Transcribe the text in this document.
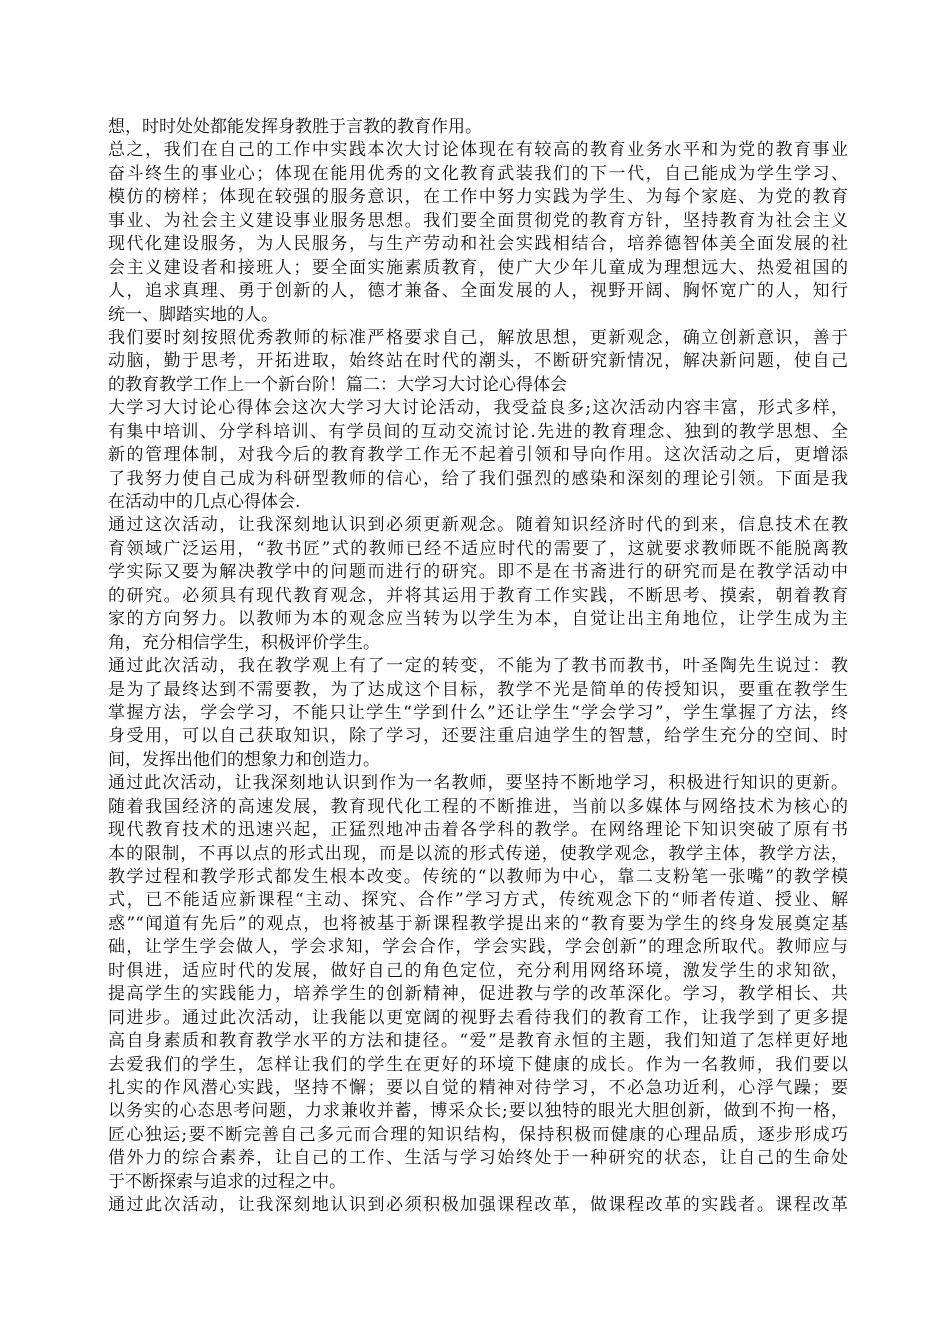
想，时时处处都能发挥身教胜于言教的教育作用。
总之，我们在自己的工作中实践本次大讨论体现在有较高的教育业务水平和为党的教育事业
奋斗终生的事业心；体现在能用优秀的文化教育武装我们的下一代，自己能成为学生学习、
模仿的榜样；体现在较强的服务意识，在工作中努力实践为学生、为每个家庭、为党的教育
事业、为社会主义建设事业服务思想。我们要全面贯彻党的教育方针，坚持教育为社会主义
现代化建设服务，为人民服务，与生产劳动和社会实践相结合，培养德智体美全面发展的社
会主义建设者和接班人；要全面实施素质教育，使广大少年儿童成为理想远大、热爱祖国的
人，追求真理、勇于创新的人，德才兼备、全面发展的人，视野开阔、胸怀宽广的人，知行
统一、脚踏实地的人。
我们要时刻按照优秀教师的标准严格要求自己，解放思想，更新观念，确立创新意识，善于
动脑，勤于思考，开拓进取，始终站在时代的潮头，不断研究新情况，解决新问题，使自己
的教育教学工作上一个新台阶！篇二：大学习大讨论心得体会
大学习大讨论心得体会这次大学习大讨论活动，我受益良多;这次活动内容丰富，形式多样，
有集中培训、分学科培训、有学员间的互动交流讨论.先进的教育理念、独到的教学思想、全
新的管理体制，对我今后的教育教学工作无不起着引领和导向作用。这次活动之后，更增添
了我努力使自己成为科研型教师的信心，给了我们强烈的感染和深刻的理论引领。下面是我
在活动中的几点心得体会.
通过这次活动，让我深刻地认识到必须更新观念。随着知识经济时代的到来，信息技术在教
育领域广泛运用，“教书匠”式的教师已经不适应时代的需要了，这就要求教师既不能脱离教
学实际又要为解决教学中的问题而进行的研究。即不是在书斋进行的研究而是在教学活动中
的研究。必须具有现代教育观念，并将其运用于教育工作实践，不断思考、摸索，朝着教育
家的方向努力。以教师为本的观念应当转为以学生为本，自觉让出主角地位，让学生成为主
角，充分相信学生，积极评价学生。
通过此次活动，我在教学观上有了一定的转变，不能为了教书而教书，叶圣陶先生说过：教
是为了最终达到不需要教，为了达成这个目标，教学不光是简单的传授知识，要重在教学生
掌握方法，学会学习，不能只让学生“学到什么”还让学生“学会学习”，学生掌握了方法，终
身受用，可以自己获取知识，除了学习，还要注重启迪学生的智慧，给学生充分的空间、时
间，发挥出他们的想象力和创造力。
通过此次活动，让我深刻地认识到作为一名教师，要坚持不断地学习，积极进行知识的更新。
随着我国经济的高速发展，教育现代化工程的不断推进，当前以多媒体与网络技术为核心的
现代教育技术的迅速兴起，正猛烈地冲击着各学科的教学。在网络理论下知识突破了原有书
本的限制，不再以点的形式出现，而是以流的形式传递，使教学观念，教学主体，教学方法，
教学过程和教学形式都发生根本改变。传统的“以教师为中心，靠二支粉笔一张嘴”的教学模
式，已不能适应新课程“主动、探究、合作”学习方式，传统观念下的“师者传道、授业、解
惑”“闻道有先后”的观点，也将被基于新课程教学提出来的“教育要为学生的终身发展奠定基
础，让学生学会做人，学会求知，学会合作，学会实践，学会创新”的理念所取代。教师应与
时俱进，适应时代的发展，做好自己的角色定位，充分利用网络环境，激发学生的求知欲，
提高学生的实践能力，培养学生的创新精神，促进教与学的改革深化。学习，教学相长、共
同进步。通过此次活动，让我能以更宽阔的视野去看待我们的教育工作，让我学到了更多提
高自身素质和教育教学水平的方法和捷径。“爱”是教育永恒的主题，我们知道了怎样更好地
去爱我们的学生，怎样让我们的学生在更好的环境下健康的成长。作为一名教师，我们要以
扎实的作风潜心实践，坚持不懈；要以自觉的精神对待学习，不必急功近利，心浮气躁；要
以务实的心态思考问题，力求兼收并蓄，博采众长;要以独特的眼光大胆创新，做到不拘一格，
匠心独运;要不断完善自己多元而合理的知识结构，保持积极而健康的心理品质，逐步形成巧
借外力的综合素养，让自己的工作、生活与学习始终处于一种研究的状态，让自己的生命处
于不断探索与追求的过程之中。
通过此次活动，让我深刻地认识到必须积极加强课程改革，做课程改革的实践者。课程改革
